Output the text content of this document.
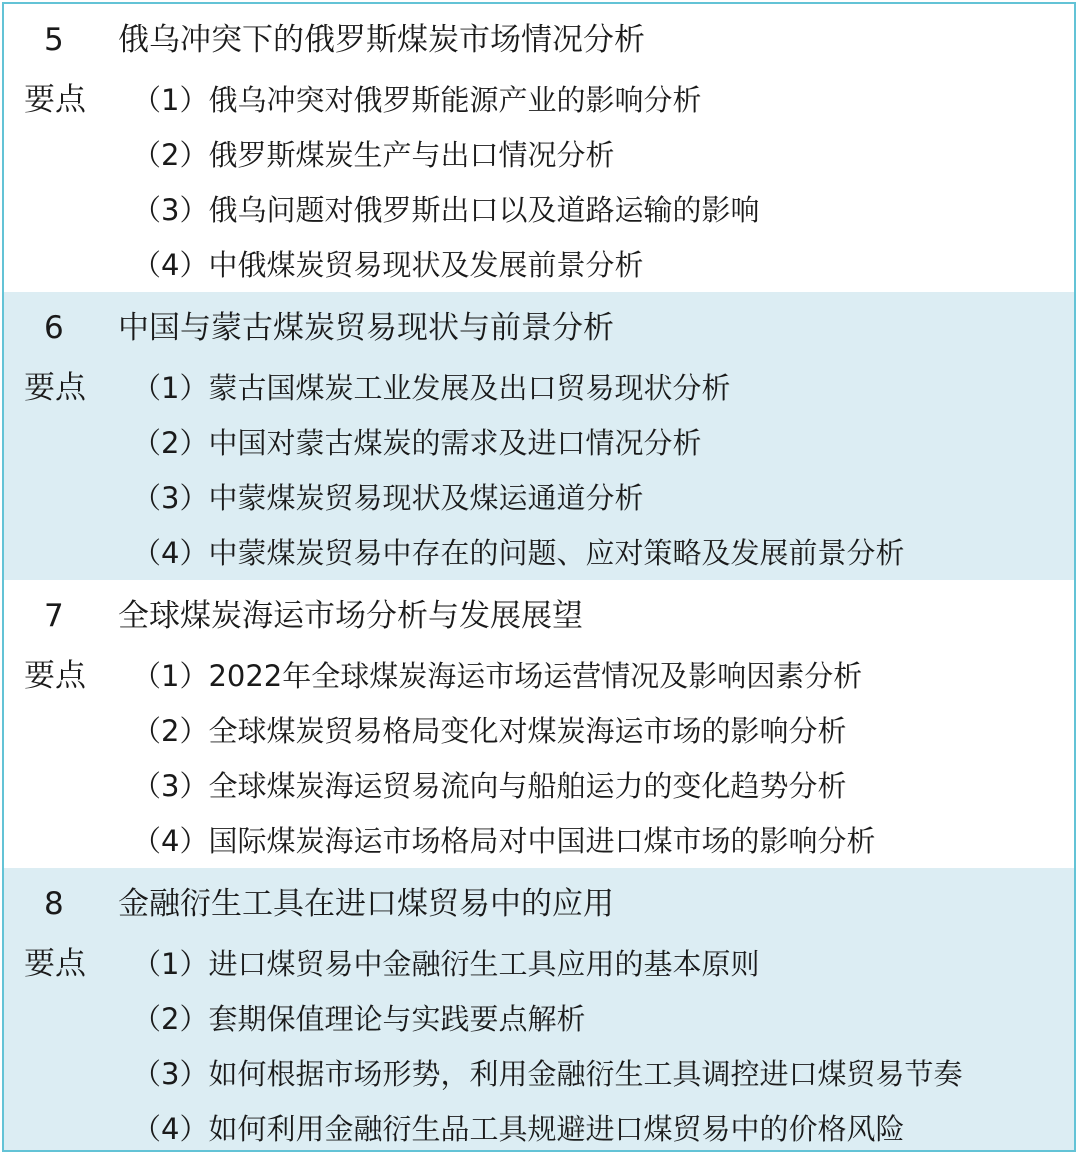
5	俄乌冲突下的俄罗斯煤炭市场情况分析
要点 （1）俄乌冲突对俄罗斯能源产业的影响分析
（2）俄罗斯煤炭生产与出口情况分析
（3）俄乌问题对俄罗斯出口以及道路运输的影响
（4）中俄煤炭贸易现状及发展前景分析
6	中国与蒙古煤炭贸易现状与前景分析
要点 （1）蒙古国煤炭工业发展及出口贸易现状分析
（2）中国对蒙古煤炭的需求及进口情况分析
（3）中蒙煤炭贸易现状及煤运通道分析
（4）中蒙煤炭贸易中存在的问题、应对策略及发展前景分析
7	全球煤炭海运市场分析与发展展望
要点 （1）2022年全球煤炭海运市场运营情况及影响因素分析
（2）全球煤炭贸易格局变化对煤炭海运市场的影响分析
（3）全球煤炭海运贸易流向与船舶运力的变化趋势分析
（4）国际煤炭海运市场格局对中国进口煤市场的影响分析
8	金融衍生工具在进口煤贸易中的应用
要点 （1）进口煤贸易中金融衍生工具应用的基本原则
（2）套期保值理论与实践要点解析
（3）如何根据市场形势，利用金融衍生工具调控进口煤贸易节奏
（4）如何利用金融衍生品工具规避进口煤贸易中的价格风险
